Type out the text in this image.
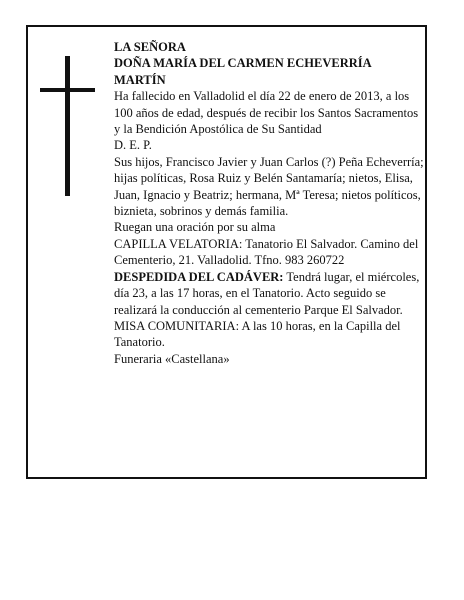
LA SEÑORA

DOÑA MARÍA DEL CARMEN ECHEVERRÍA MARTÍN

Ha fallecido en Valladolid el día 22 de enero de 2013, a los 100 años de edad, después de recibir los Santos Sacramentos y la Bendición Apostólica de Su Santidad

D. E. P.

Sus hijos, Francisco Javier y Juan Carlos (?) Peña Echeverría; hijas políticas, Rosa Ruiz y Belén Santamaría; nietos, Elisa, Juan, Ignacio y Beatriz; hermana, Mª Teresa; nietos políticos, biznieta, sobrinos y demás familia.

Ruegan una oración por su alma

CAPILLA VELATORIA: Tanatorio El Salvador. Camino del Cementerio, 21. Valladolid. Tfno. 983 260722

DESPEDIDA DEL CADÁVER: Tendrá lugar, el miércoles, día 23, a las 17 horas, en el Tanatorio. Acto seguido se realizará la conducción al cementerio Parque El Salvador.

MISA COMUNITARIA: A las 10 horas, en la Capilla del Tanatorio.

Funeraria «Castellana»
